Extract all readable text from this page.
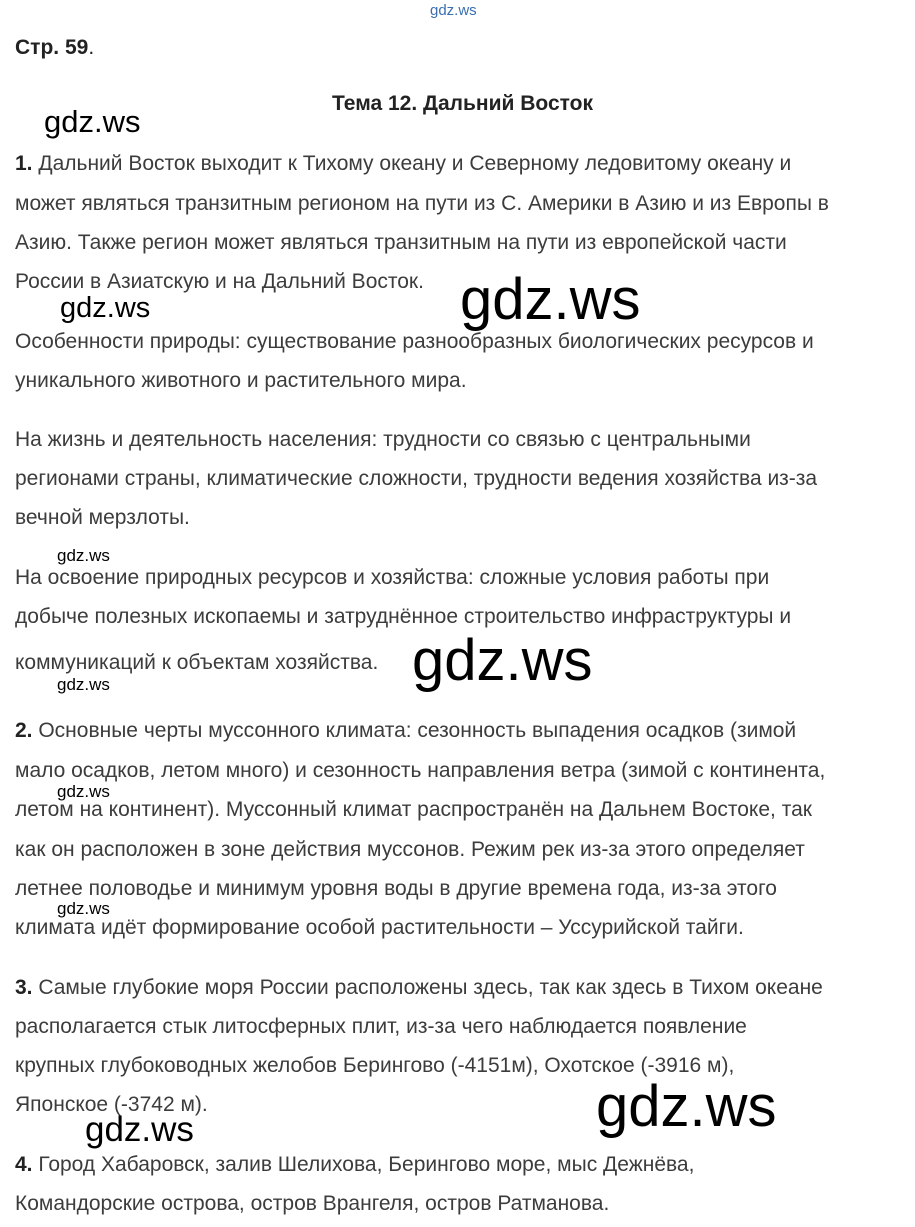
gdz.ws
Стр. 59.
Тема 12. Дальний Восток
1. Дальний Восток выходит к Тихому океану и Северному ледовитому океану и
может являться транзитным регионом на пути из С. Америки в Азию и из Европы в
Азию. Также регион может являться транзитным на пути из европейской части
России в Азиатскую и на Дальний Восток.
Особенности природы: существование разнообразных биологических ресурсов и
уникального животного и растительного мира.
На жизнь и деятельность населения: трудности со связью с центральными
регионами страны, климатические сложности, трудности ведения хозяйства из-за
вечной мерзлоты.
На освоение природных ресурсов и хозяйства: сложные условия работы при
добыче полезных ископаемы и затруднённое строительство инфраструктуры и
коммуникаций к объектам хозяйства.
2. Основные черты муссонного климата: сезонность выпадения осадков (зимой
мало осадков, летом много) и сезонность направления ветра (зимой с континента,
летом на континент). Муссонный климат распространён на Дальнем Востоке, так
как он расположен в зоне действия муссонов. Режим рек из-за этого определяет
летнее половодье и минимум уровня воды в другие времена года, из-за этого
климата идёт формирование особой растительности – Уссурийской тайги.
3. Самые глубокие моря России расположены здесь, так как здесь в Тихом океане
располагается стык литосферных плит, из-за чего наблюдается появление
крупных глубоководных желобов Берингово (-4151м), Охотское (-3916 м),
Японское (-3742 м).
4. Город Хабаровск, залив Шелихова, Берингово море, мыс Дежнёва,
Командорские острова, остров Врангеля, остров Ратманова.
gdz.ws
gdz.ws	gdz.ws
gdz.ws
gdz.ws
gdz.ws
gdz.ws
gdz.ws
gdz.ws
gdz.ws
